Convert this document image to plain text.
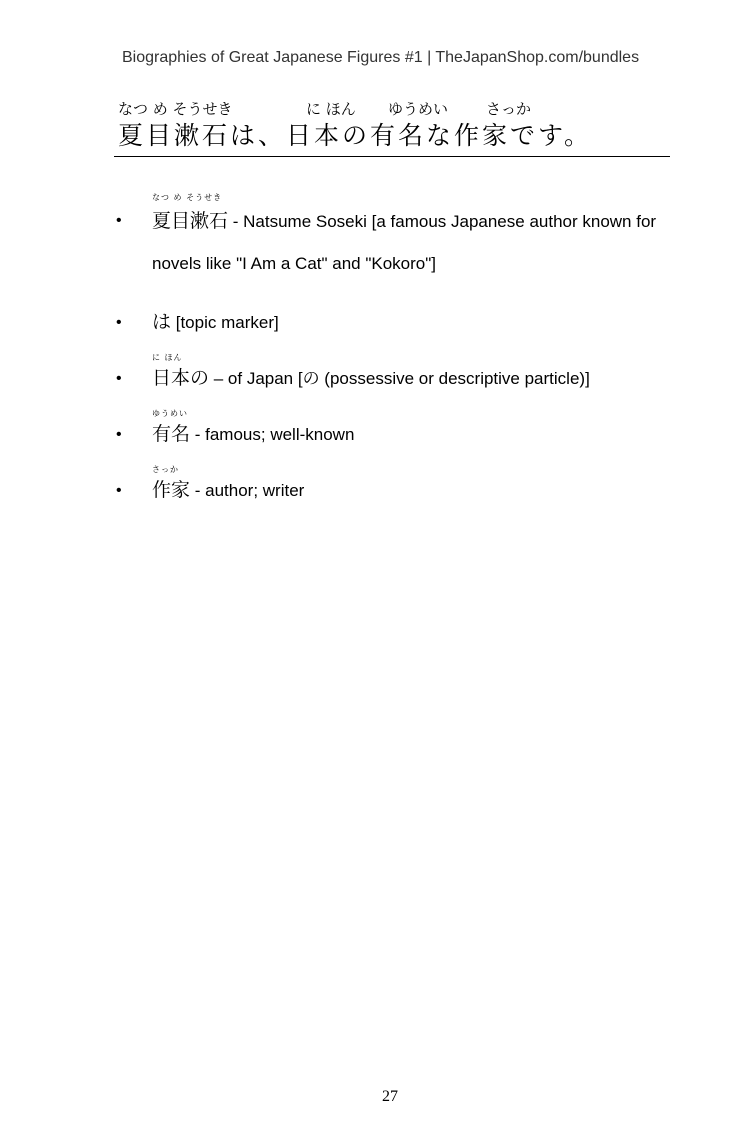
Biographies of Great Japanese Figures #1 | TheJapanShop.com/bundles
なつ め そうせき	に ほん ゆうめい	さっか
夏目漱石は、日本の有名な作家です。
•
なつ め そうせき
夏目漱石 - Natsume Soseki [a famous Japanese author known for novels like "I Am a Cat" and "Kokoro"]
• は [topic marker]
•
に ほん
日本の – of Japan [の (possessive or descriptive particle)]
•
ゆうめい
有名 - famous; well-known
•
さっか
作家 - author; writer
27
